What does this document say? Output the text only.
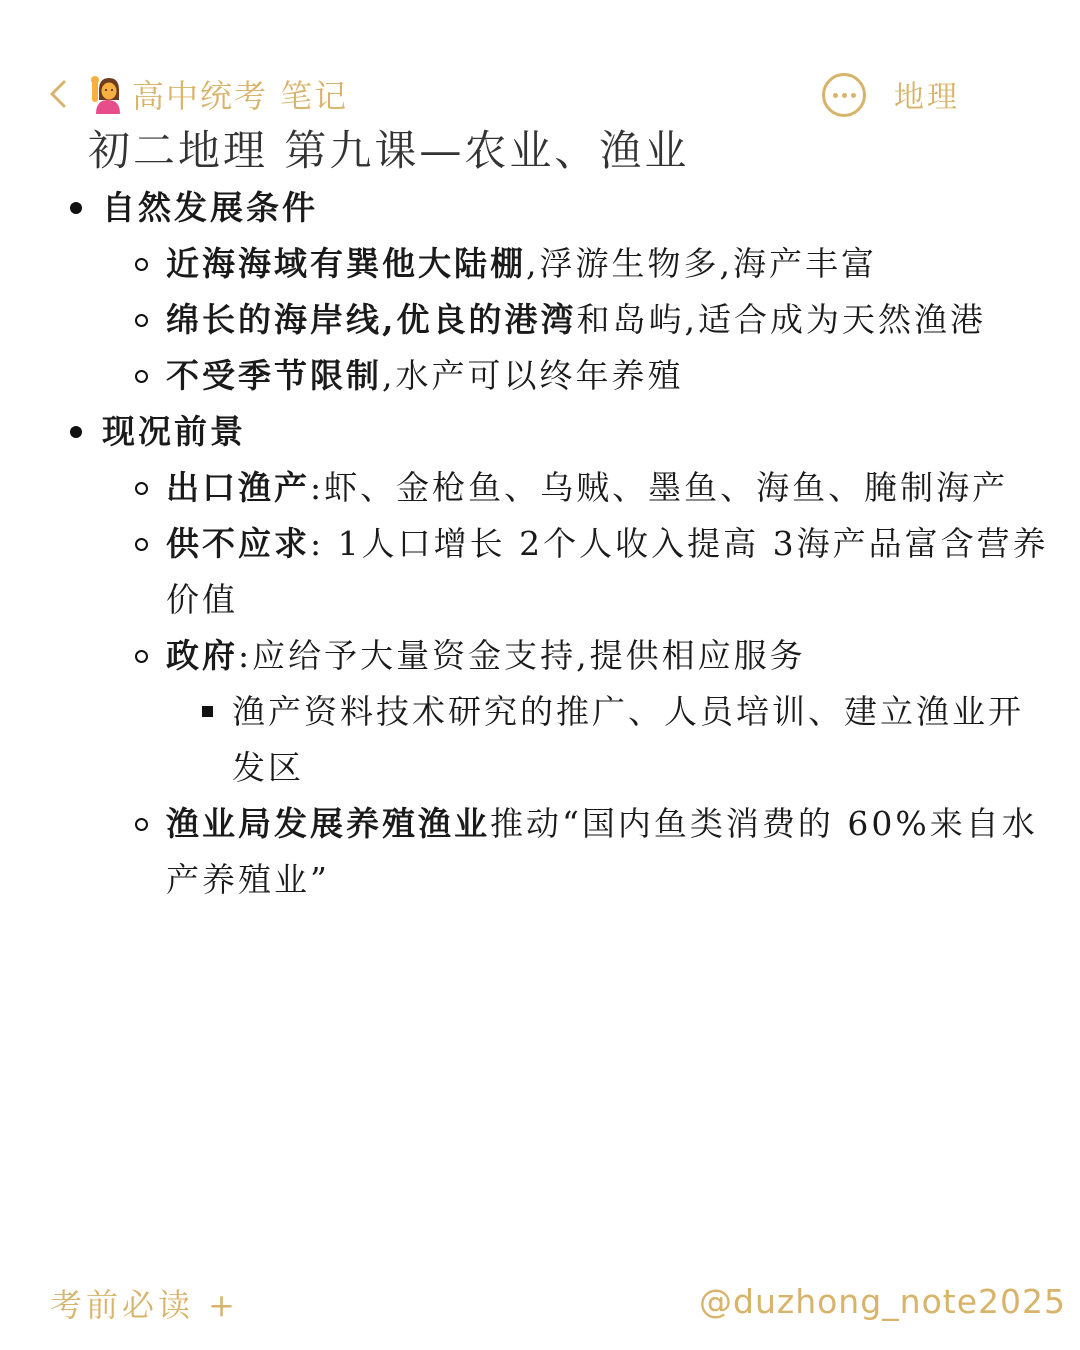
高中统考 笔记	地理
初二地理 第九课—农业、渔业
自然发展条件
近海海域有巽他大陆棚,浮游生物多,海产丰富
绵长的海岸线,优良的港湾和岛屿,适合成为天然渔港
不受季节限制,水产可以终年养殖
现况前景
出口渔产:虾、金枪鱼、乌贼、墨鱼、海鱼、腌制海产
供不应求: 1人口增长 2个人收入提高 3海产品富含营养价值
政府:应给予大量资金支持,提供相应服务
渔产资料技术研究的推广、人员培训、建立渔业开发区
渔业局发展养殖渔业推动“国内鱼类消费的 60%来自水产养殖业”
考前必读 +	@duzhong_note2025
